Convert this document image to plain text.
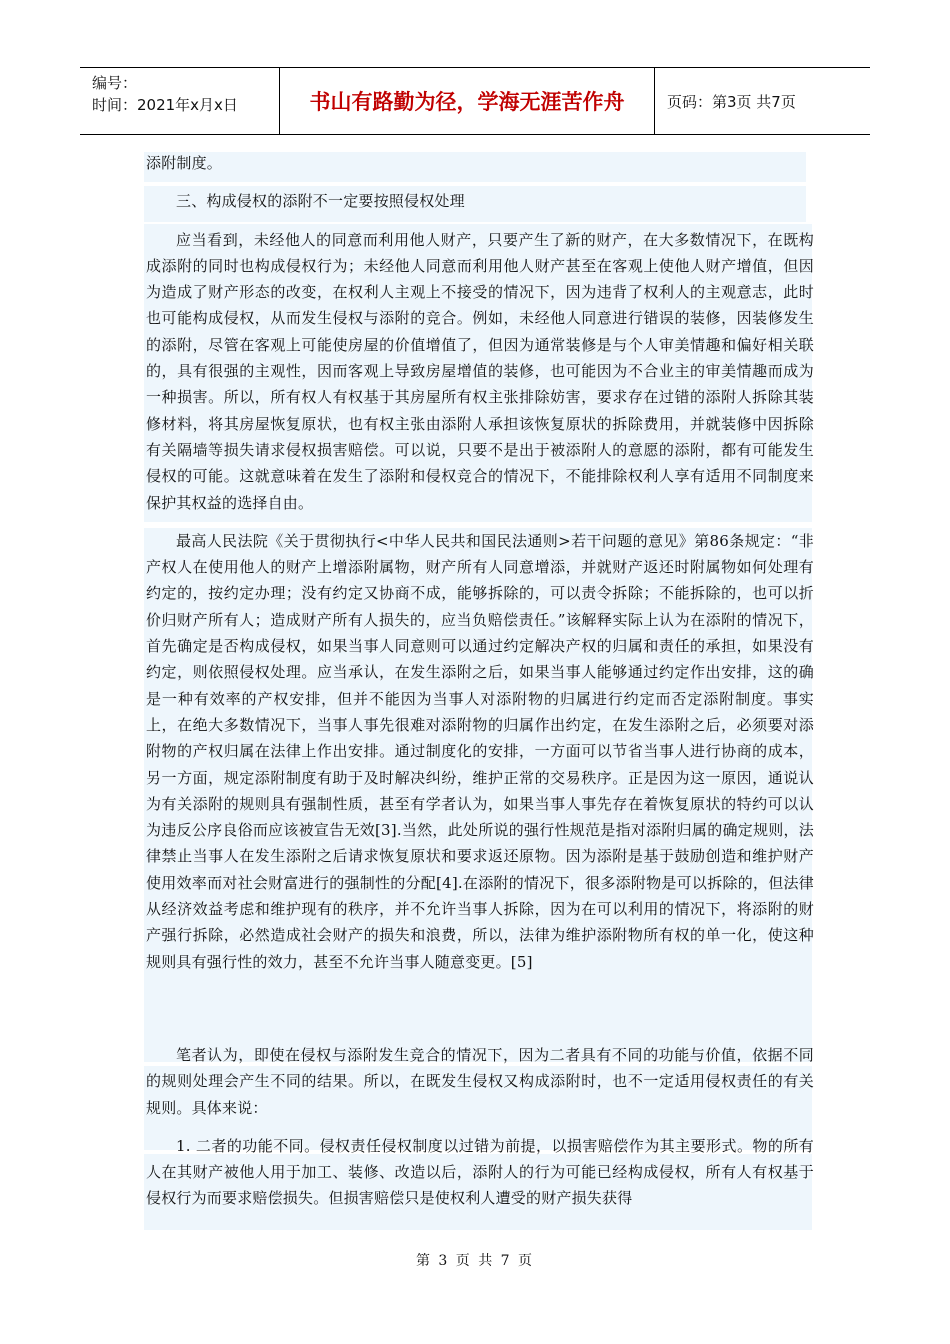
编号：
时间：2021年x月x日	书山有路勤为径，学海无涯苦作舟	页码：第3页 共7页

添附制度。

三、构成侵权的添附不一定要按照侵权处理

应当看到，未经他人的同意而利用他人财产，只要产生了新的财产，在大多数情况下，在既构成添附的同时也构成侵权行为；未经他人同意而利用他人财产甚至在客观上使他人财产增值，但因为造成了财产形态的改变，在权利人主观上不接受的情况下，因为违背了权利人的主观意志，此时也可能构成侵权，从而发生侵权与添附的竞合。例如，未经他人同意进行错误的装修，因装修发生的添附，尽管在客观上可能使房屋的价值增值了，但因为通常装修是与个人审美情趣和偏好相关联的，具有很强的主观性，因而客观上导致房屋增值的装修，也可能因为不合业主的审美情趣而成为一种损害。所以，所有权人有权基于其房屋所有权主张排除妨害，要求存在过错的添附人拆除其装修材料，将其房屋恢复原状，也有权主张由添附人承担该恢复原状的拆除费用，并就装修中因拆除有关隔墙等损失请求侵权损害赔偿。可以说，只要不是出于被添附人的意愿的添附，都有可能发生侵权的可能。这就意味着在发生了添附和侵权竞合的情况下，不能排除权利人享有适用不同制度来保护其权益的选择自由。

最高人民法院《关于贯彻执行<中华人民共和国民法通则>若干问题的意见》第86条规定：“非产权人在使用他人的财产上增添附属物，财产所有人同意增添，并就财产返还时附属物如何处理有约定的，按约定办理；没有约定又协商不成，能够拆除的，可以责令拆除；不能拆除的，也可以折价归财产所有人；造成财产所有人损失的，应当负赔偿责任。”该解释实际上认为在添附的情况下，首先确定是否构成侵权，如果当事人同意则可以通过约定解决产权的归属和责任的承担，如果没有约定，则依照侵权处理。应当承认，在发生添附之后，如果当事人能够通过约定作出安排，这的确是一种有效率的产权安排，但并不能因为当事人对添附物的归属进行约定而否定添附制度。事实上，在绝大多数情况下，当事人事先很难对添附物的归属作出约定，在发生添附之后，必须要对添附物的产权归属在法律上作出安排。通过制度化的安排，一方面可以节省当事人进行协商的成本，另一方面，规定添附制度有助于及时解决纠纷，维护正常的交易秩序。正是因为这一原因，通说认为有关添附的规则具有强制性质，甚至有学者认为，如果当事人事先存在着恢复原状的特约可以认为违反公序良俗而应该被宣告无效[3].当然，此处所说的强行性规范是指对添附归属的确定规则，法律禁止当事人在发生添附之后请求恢复原状和要求返还原物。因为添附是基于鼓励创造和维护财产使用效率而对社会财富进行的强制性的分配[4].在添附的情况下，很多添附物是可以拆除的，但法律从经济效益考虑和维护现有的秩序，并不允许当事人拆除，因为在可以利用的情况下，将添附的财产强行拆除，必然造成社会财产的损失和浪费，所以，法律为维护添附物所有权的单一化，使这种规则具有强行性的效力，甚至不允许当事人随意变更。[5]

笔者认为，即使在侵权与添附发生竞合的情况下，因为二者具有不同的功能与价值，依据不同的规则处理会产生不同的结果。所以，在既发生侵权又构成添附时，也不一定适用侵权责任的有关规则。具体来说：

1. 二者的功能不同。侵权责任侵权制度以过错为前提，以损害赔偿作为其主要形式。物的所有人在其财产被他人用于加工、装修、改造以后，添附人的行为可能已经构成侵权，所有人有权基于侵权行为而要求赔偿损失。但损害赔偿只是使权利人遭受的财产损失获得

第 3 页 共 7 页
